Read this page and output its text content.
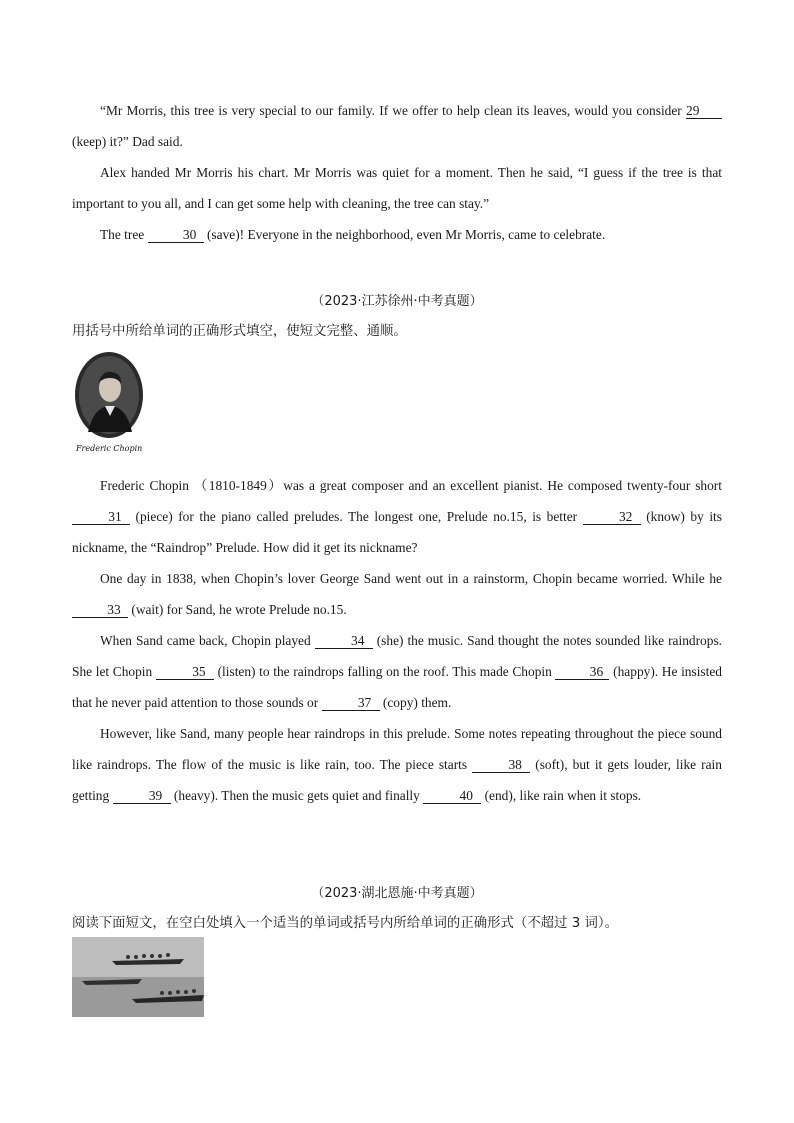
“Mr Morris, this tree is very special to our family. If we offer to help clean its leaves, would you consider 29 (keep) it?” Dad said.

Alex handed Mr Morris his chart. Mr Morris was quiet for a moment. Then he said, “I guess if the tree is that important to you all, and I can get some help with cleaning, the tree can stay.”

The tree	30 (save)! Everyone in the neighborhood, even Mr Morris, came to celebrate.

（2023·江苏徐州·中考真题）
用括号中所给单词的正确形式填空，使短文完整、通顺。

Frederic Chopin （1810-1849）was a great composer and an excellent pianist. He composed twenty-four short 31 (piece) for the piano called preludes. The longest one, Prelude no.15, is better	32 (know) by its nickname, the “Raindrop” Prelude. How did it get its nickname?

One day in 1838, when Chopin’s lover George Sand went out in a rainstorm, Chopin became worried. While he 33 (wait) for Sand, he wrote Prelude no.15.

When Sand came back, Chopin played	34 (she) the music. Sand thought the notes sounded like raindrops. She let Chopin	35 (listen) to the raindrops falling on the roof. This made Chopin	36 (happy). He insisted that he never paid attention to those sounds or	37 (copy) them.

However, like Sand, many people hear raindrops in this prelude. Some notes repeating throughout the piece sound like raindrops. The flow of the music is like rain, too. The piece starts	38 (soft), but it gets louder, like rain getting	39 (heavy). Then the music gets quiet and finally	40 (end), like rain when it stops.

（2023·湖北恩施·中考真题）
阅读下面短文，在空白处填入一个适当的单词或括号内所给单词的正确形式（不超过 3 词）。
Frederic Chopin
